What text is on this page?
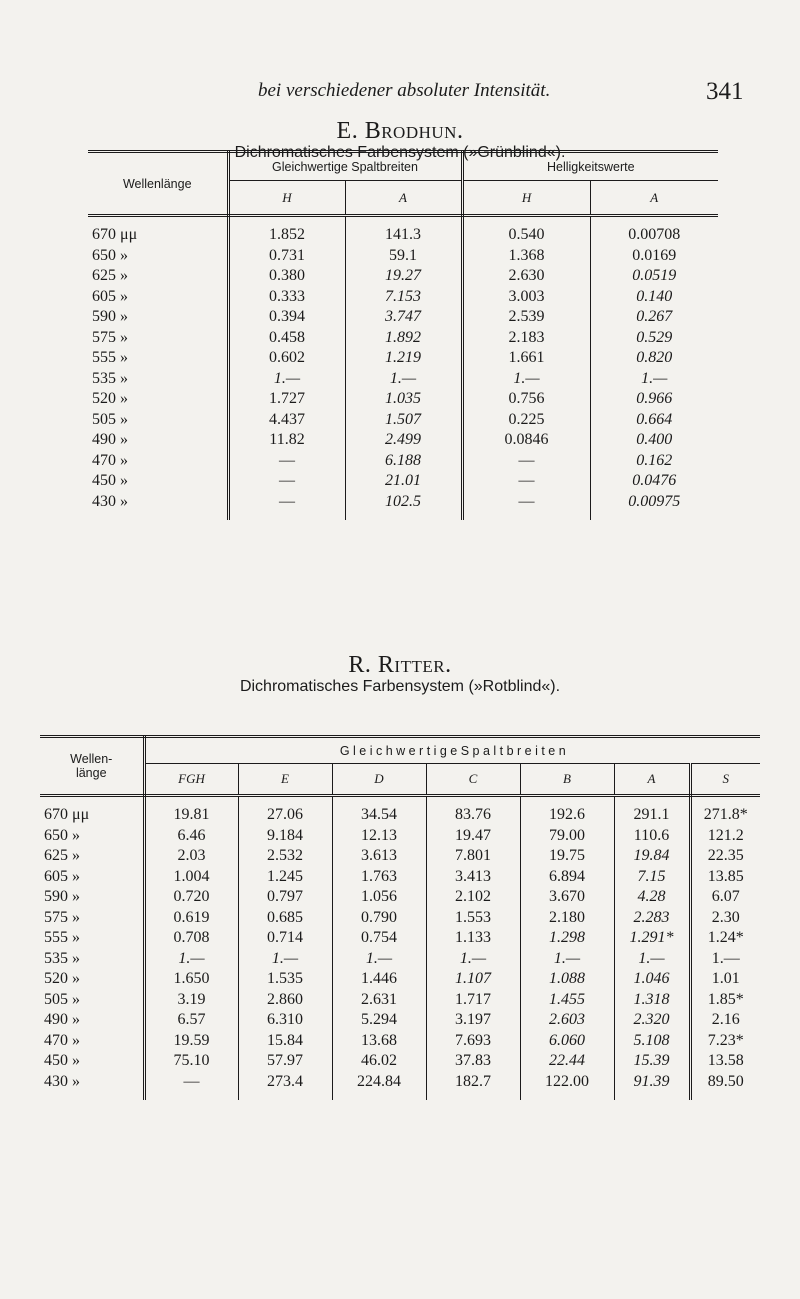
bei verschiedener absoluter Intensität.	341
E. Brodhun.
Dichromatisches Farbensystem (»Grünblind«).
Wellenlänge	Gleichwertige Spaltbreiten		Helligkeitswerte	
	H	A	H	A

670 μμ	1.852	141.3	0.540	0.00708
650 »	0.731	59.1	1.368	0.0169
625 »	0.380	19.27	2.630	0.0519
605 »	0.333	7.153	3.003	0.140
590 »	0.394	3.747	2.539	0.267
575 »	0.458	1.892	2.183	0.529
555 »	0.602	1.219	1.661	0.820
535 »	1.—	1.—	1.—	1.—
520 »	1.727	1.035	0.756	0.966
505 »	4.437	1.507	0.225	0.664
490 »	11.82	2.499	0.0846	0.400
470 »	—	6.188	—	0.162
450 »	—	21.01	—	0.0476
430 »	—	102.5	—	0.00975

R. Ritter.
Dichromatisches Farbensystem (»Rotblind«).
Wellen-
länge	G l e i c h w e r t i g e S p a l t b r e i t e n						
	FGH	E	D	C	B	A	S

670 μμ	19.81	27.06	34.54	83.76	192.6	291.1	271.8*
650 »	6.46	9.184	12.13	19.47	79.00	110.6	121.2
625 »	2.03	2.532	3.613	7.801	19.75	19.84	22.35
605 »	1.004	1.245	1.763	3.413	6.894	7.15	13.85
590 »	0.720	0.797	1.056	2.102	3.670	4.28	6.07
575 »	0.619	0.685	0.790	1.553	2.180	2.283	2.30
555 »	0.708	0.714	0.754	1.133	1.298	1.291*	1.24*
535 »	1.—	1.—	1.—	1.—	1.—	1.—	1.—
520 »	1.650	1.535	1.446	1.107	1.088	1.046	1.01
505 »	3.19	2.860	2.631	1.717	1.455	1.318	1.85*
490 »	6.57	6.310	5.294	3.197	2.603	2.320	2.16
470 »	19.59	15.84	13.68	7.693	6.060	5.108	7.23*
450 »	75.10	57.97	46.02	37.83	22.44	15.39	13.58
430 »	—	273.4	224.84	182.7	122.00	91.39	89.50
